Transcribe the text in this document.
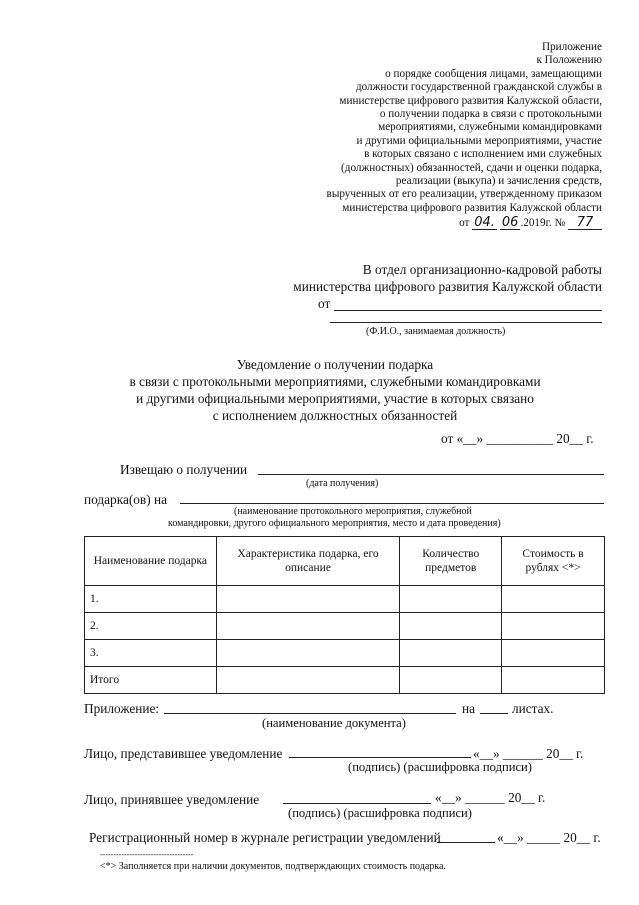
Приложение
к Положению
о порядке сообщения лицами, замещающими
должности государственной гражданской службы в
министерстве цифрового развития Калужской области,
о получении подарка в связи с протокольными
мероприятиями, служебными командировками
и другими официальными мероприятиями, участие
в которых связано с исполнением ими служебных
(должностных) обязанностей, сдачи и оценки подарка,
реализации (выкупа) и зачисления средств,
вырученных от его реализации, утвержденному приказом
министерства цифрового развития Калужской области
от 04. 06 .2019г. № 77
В отдел организационно-кадровой работы
министерства цифрового развития Калужской области
от
(Ф.И.О., занимаемая должность)
Уведомление о получении подарка
в связи с протокольными мероприятиями, служебными командировками
и другими официальными мероприятиями, участие в которых связано
с исполнением должностных обязанностей
от «__» __________ 20__ г.
Извещаю о получении
(дата получения)
подарка(ов) на
(наименование протокольного мероприятия, служебной
командировки, другого официального мероприятия, место и дата проведения)
Наименование подарка	Характеристика подарка, его описание	Количество предметов	Стоимость в рублях <*>
1.			
2.			
3.			
Итого			
Приложение:	на	листах.
(наименование документа)
Лицо, представившее уведомление	«__» ______ 20__ г.
(подпись) (расшифровка подписи)
Лицо, принявшее уведомление	«__» ______ 20__ г.
(подпись) (расшифровка подписи)
Регистрационный номер в журнале регистрации уведомлений	«__» _____ 20__ г.
-----------------------------------
<*> Заполняется при наличии документов, подтверждающих стоимость подарка.
